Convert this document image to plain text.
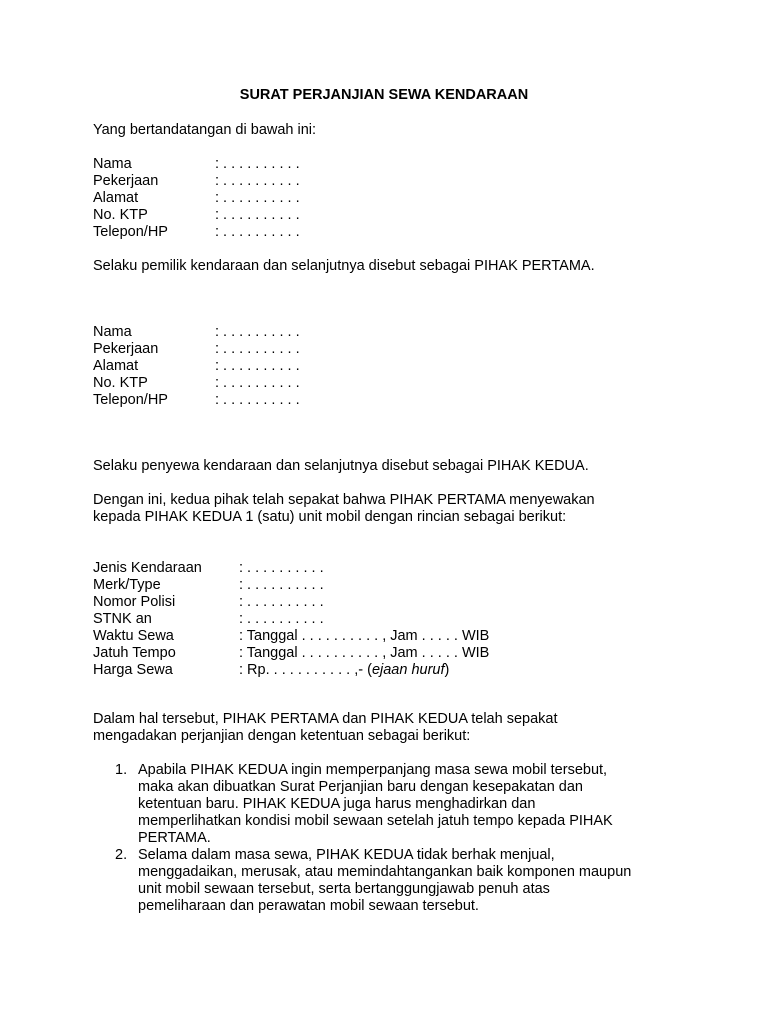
SURAT PERJANJIAN SEWA KENDARAAN
Yang bertandatangan di bawah ini:
Nama	: . . . . . . . . . .
Pekerjaan	: . . . . . . . . . .
Alamat	: . . . . . . . . . .
No. KTP	: . . . . . . . . . .
Telepon/HP	: . . . . . . . . . .
Selaku pemilik kendaraan dan selanjutnya disebut sebagai PIHAK PERTAMA.
Nama	: . . . . . . . . . .
Pekerjaan	: . . . . . . . . . .
Alamat	: . . . . . . . . . .
No. KTP	: . . . . . . . . . .
Telepon/HP	: . . . . . . . . . .
Selaku penyewa kendaraan dan selanjutnya disebut sebagai PIHAK KEDUA.
Dengan ini, kedua pihak telah sepakat bahwa PIHAK PERTAMA menyewakan
kepada PIHAK KEDUA 1 (satu) unit mobil dengan rincian sebagai berikut:
Jenis Kendaraan	: . . . . . . . . . .
Merk/Type	: . . . . . . . . . .
Nomor Polisi	: . . . . . . . . . .
STNK an	: . . . . . . . . . .
Waktu Sewa	: Tanggal . . . . . . . . . . , Jam . . . . . WIB
Jatuh Tempo	: Tanggal . . . . . . . . . . , Jam . . . . . WIB
Harga Sewa	: Rp. . . . . . . . . . . ,- (ejaan huruf)
Dalam hal tersebut, PIHAK PERTAMA dan PIHAK KEDUA telah sepakat
mengadakan perjanjian dengan ketentuan sebagai berikut:
1. Apabila PIHAK KEDUA ingin memperpanjang masa sewa mobil tersebut,
maka akan dibuatkan Surat Perjanjian baru dengan kesepakatan dan
ketentuan baru. PIHAK KEDUA juga harus menghadirkan dan
memperlihatkan kondisi mobil sewaan setelah jatuh tempo kepada PIHAK
PERTAMA.
2. Selama dalam masa sewa, PIHAK KEDUA tidak berhak menjual,
menggadaikan, merusak, atau memindahtangankan baik komponen maupun
unit mobil sewaan tersebut, serta bertanggungjawab penuh atas
pemeliharaan dan perawatan mobil sewaan tersebut.
